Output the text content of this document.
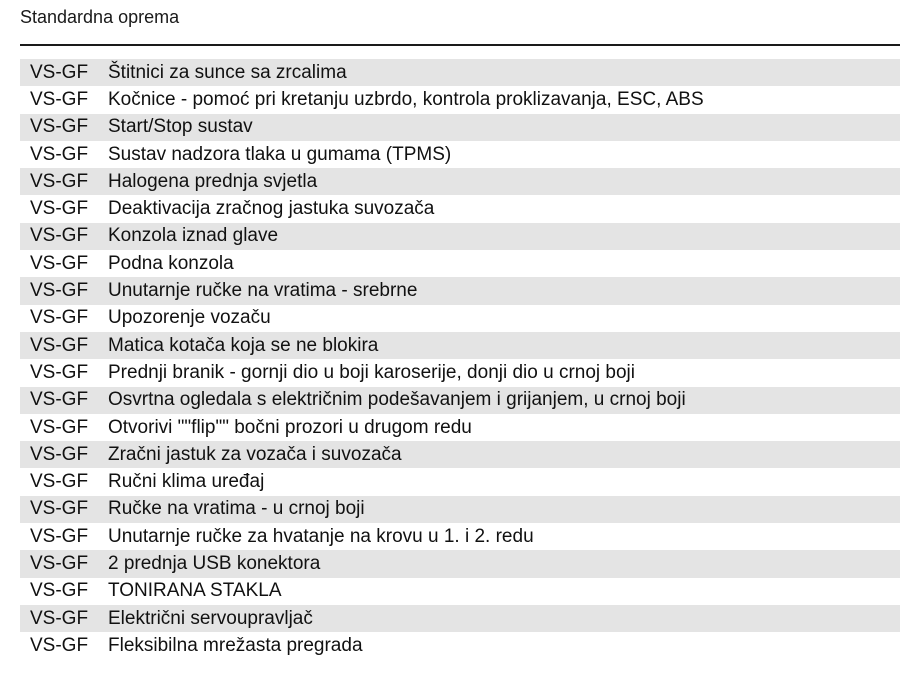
Standardna oprema
VS-GF	Štitnici za sunce sa zrcalima
VS-GF	Kočnice - pomoć pri kretanju uzbrdo, kontrola proklizavanja, ESC, ABS
VS-GF	Start/Stop sustav
VS-GF	Sustav nadzora tlaka u gumama (TPMS)
VS-GF	Halogena prednja svjetla
VS-GF	Deaktivacija zračnog jastuka suvozača
VS-GF	Konzola iznad glave
VS-GF	Podna konzola
VS-GF	Unutarnje ručke na vratima - srebrne
VS-GF	Upozorenje vozaču
VS-GF	Matica kotača koja se ne blokira
VS-GF	Prednji branik - gornji dio u boji karoserije, donji dio u crnoj boji
VS-GF	Osvrtna ogledala s električnim podešavanjem i grijanjem, u crnoj boji
VS-GF	Otvorivi ""flip"" bočni prozori u drugom redu
VS-GF	Zračni jastuk za vozača i suvozača
VS-GF	Ručni klima uređaj
VS-GF	Ručke na vratima - u crnoj boji
VS-GF	Unutarnje ručke za hvatanje na krovu u 1. i 2. redu
VS-GF	2 prednja USB konektora
VS-GF	TONIRANA STAKLA
VS-GF	Električni servoupravljač
VS-GF	Fleksibilna mrežasta pregrada
